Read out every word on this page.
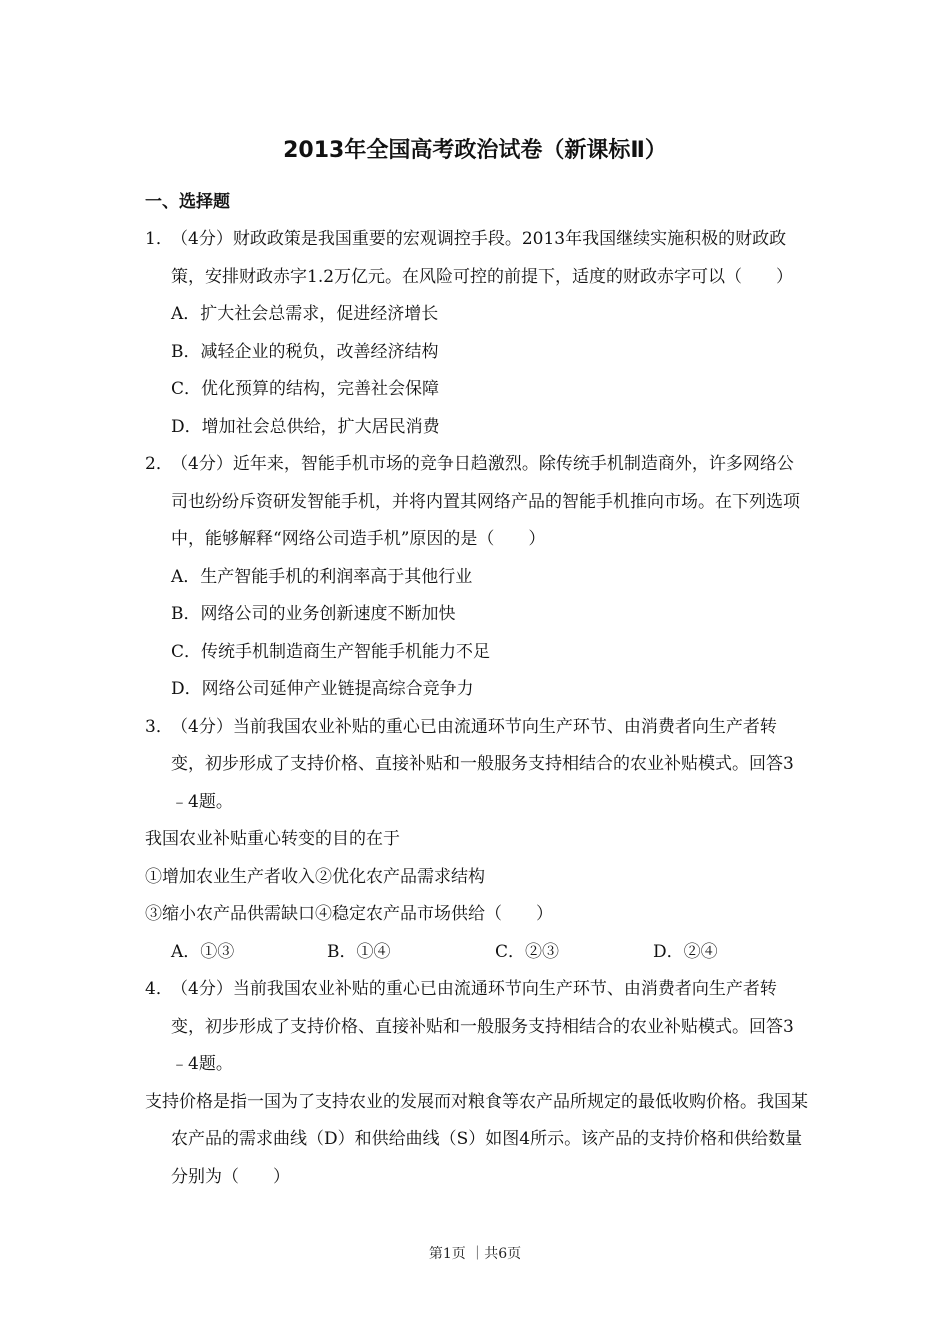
2013年全国高考政治试卷（新课标Ⅱ）
一、选择题
1．
（4分）财政政策是我国重要的宏观调控手段。2013年我国继续实施积极的财政政策，安排财政赤字1.2万亿元。在风险可控的前提下，适度的财政赤字可以（　　）
A．扩大社会总需求，促进经济增长
B．减轻企业的税负，改善经济结构
C．优化预算的结构，完善社会保障
D．增加社会总供给，扩大居民消费
2．
（4分）近年来，智能手机市场的竞争日趋激烈。除传统手机制造商外，许多网络公司也纷纷斥资研发智能手机，并将内置其网络产品的智能手机推向市场。在下列选项中，能够解释“网络公司造手机”原因的是（　　）
A．生产智能手机的利润率高于其他行业
B．网络公司的业务创新速度不断加快
C．传统手机制造商生产智能手机能力不足
D．网络公司延伸产业链提高综合竞争力
3．
（4分）当前我国农业补贴的重心已由流通环节向生产环节、由消费者向生产者转变，初步形成了支持价格、直接补贴和一般服务支持相结合的农业补贴模式。回答3﹣4题。
我国农业补贴重心转变的目的在于
①增加农业生产者收入②优化农产品需求结构
③缩小农产品供需缺口④稳定农产品市场供给（　　）
A．①③	B．①④	C．②③	D．②④
4．
（4分）当前我国农业补贴的重心已由流通环节向生产环节、由消费者向生产者转变，初步形成了支持价格、直接补贴和一般服务支持相结合的农业补贴模式。回答3﹣4题。
支持价格是指一国为了支持农业的发展而对粮食等农产品所规定的最低收购价格。我国某农产品的需求曲线（D）和供给曲线（S）如图4所示。该产品的支持价格和供给数量分别为（　　）
第1页 ｜共6页
